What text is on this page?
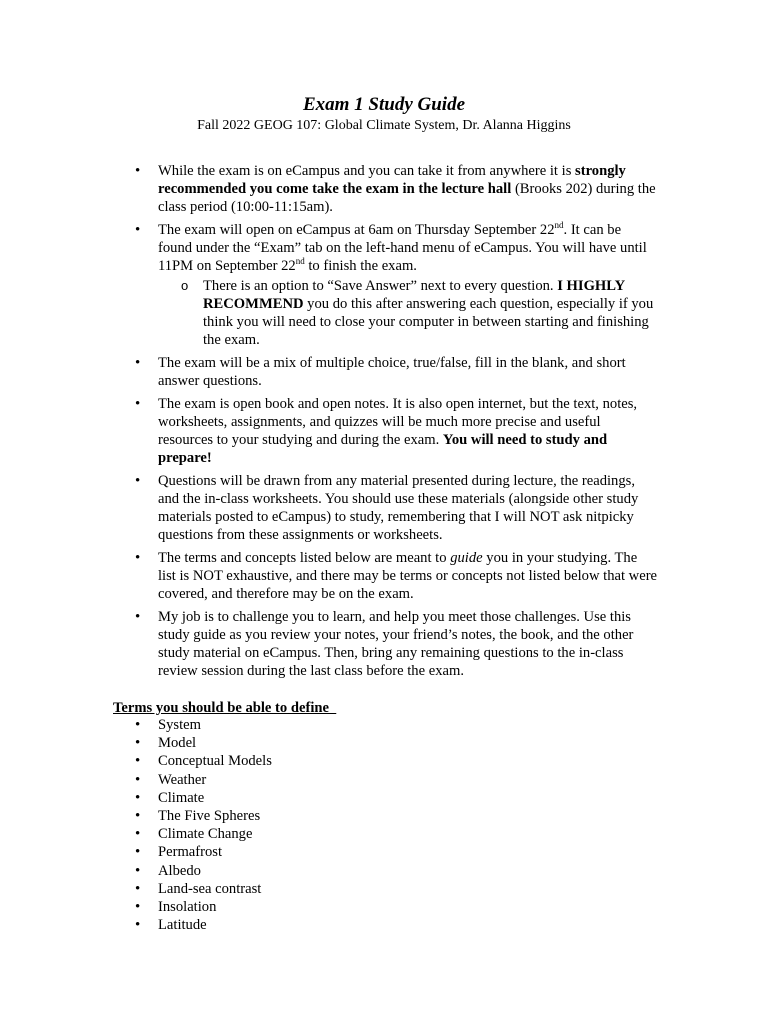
Exam 1 Study Guide
Fall 2022 GEOG 107: Global Climate System, Dr. Alanna Higgins
• While the exam is on eCampus and you can take it from anywhere it is strongly recommended you come take the exam in the lecture hall (Brooks 202) during the class period (10:00-11:15am).
• The exam will open on eCampus at 6am on Thursday September 22nd. It can be found under the “Exam” tab on the left-hand menu of eCampus. You will have until 11PM on September 22nd to finish the exam.
o There is an option to “Save Answer” next to every question. I HIGHLY RECOMMEND you do this after answering each question, especially if you think you will need to close your computer in between starting and finishing the exam.
• The exam will be a mix of multiple choice, true/false, fill in the blank, and short answer questions.
• The exam is open book and open notes. It is also open internet, but the text, notes, worksheets, assignments, and quizzes will be much more precise and useful resources to your studying and during the exam. You will need to study and prepare!
• Questions will be drawn from any material presented during lecture, the readings, and the in-class worksheets. You should use these materials (alongside other study materials posted to eCampus) to study, remembering that I will NOT ask nitpicky questions from these assignments or worksheets.
• The terms and concepts listed below are meant to guide you in your studying. The list is NOT exhaustive, and there may be terms or concepts not listed below that were covered, and therefore may be on the exam.
• My job is to challenge you to learn, and help you meet those challenges. Use this study guide as you review your notes, your friend’s notes, the book, and the other study material on eCampus. Then, bring any remaining questions to the in-class review session during the last class before the exam.
Terms you should be able to define
• System
• Model
• Conceptual Models
• Weather
• Climate
• The Five Spheres
• Climate Change
• Permafrost
• Albedo
• Land-sea contrast
• Insolation
• Latitude
